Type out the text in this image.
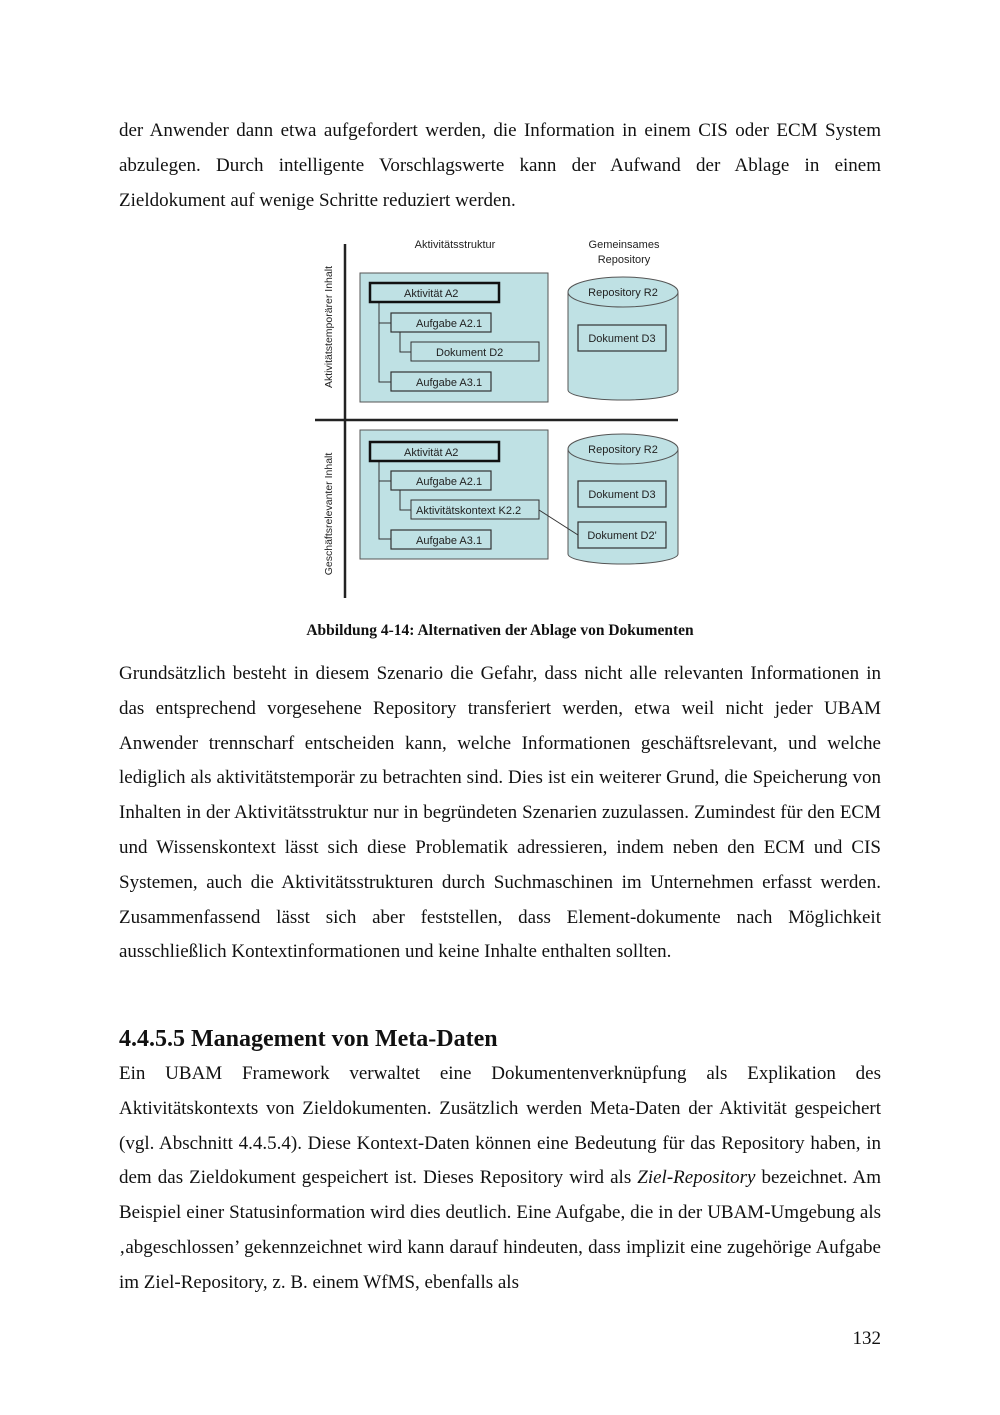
der Anwender dann etwa aufgefordert werden, die Information in einem CIS oder ECM System abzulegen. Durch intelligente Vorschlagswerte kann der Aufwand der Ablage in einem Zieldokument auf wenige Schritte reduziert werden.

Aktivitätsstruktur	Gemeinsames
Repository
Aktivitätstemporärer Inhalt
Geschäftsrelevanter Inhalt
Aktivität A2
Aufgabe A2.1
Dokument D2
Aufgabe A3.1
Repository R2
Dokument D3
Aktivität A2
Aufgabe A2.1
Aktivitätskontext K2.2
Aufgabe A3.1
Repository R2
Dokument D3
Dokument D2'

Abbildung 4-14: Alternativen der Ablage von Dokumenten

Grundsätzlich besteht in diesem Szenario die Gefahr, dass nicht alle relevanten Informationen in das entsprechend vorgesehene Repository transferiert werden, etwa weil nicht jeder UBAM Anwender trennscharf entscheiden kann, welche Informationen geschäftsrelevant, und welche lediglich als aktivitätstemporär zu betrachten sind. Dies ist ein weiterer Grund, die Speicherung von Inhalten in der Aktivitätsstruktur nur in begründeten Szenarien zuzulassen. Zumindest für den ECM und Wissenskontext lässt sich diese Problematik adressieren, indem neben den ECM und CIS Systemen, auch die Aktivitätsstrukturen durch Suchmaschinen im Unternehmen erfasst werden. Zusammenfassend lässt sich aber feststellen, dass Element-dokumente nach Möglichkeit ausschließlich Kontextinformationen und keine Inhalte enthalten sollten.

4.4.5.5 Management von Meta-Daten

Ein UBAM Framework verwaltet eine Dokumentenverknüpfung als Explikation des Aktivitätskontexts von Zieldokumenten. Zusätzlich werden Meta-Daten der Aktivität gespeichert (vgl. Abschnitt 4.4.5.4). Diese Kontext-Daten können eine Bedeutung für das Repository haben, in dem das Zieldokument gespeichert ist. Dieses Repository wird als Ziel-Repository bezeichnet. Am Beispiel einer Statusinformation wird dies deutlich. Eine Aufgabe, die in der UBAM-Umgebung als ‚abgeschlossen’ gekennzeichnet wird kann darauf hindeuten, dass implizit eine zugehörige Aufgabe im Ziel-Repository, z. B. einem WfMS, ebenfalls als

132
